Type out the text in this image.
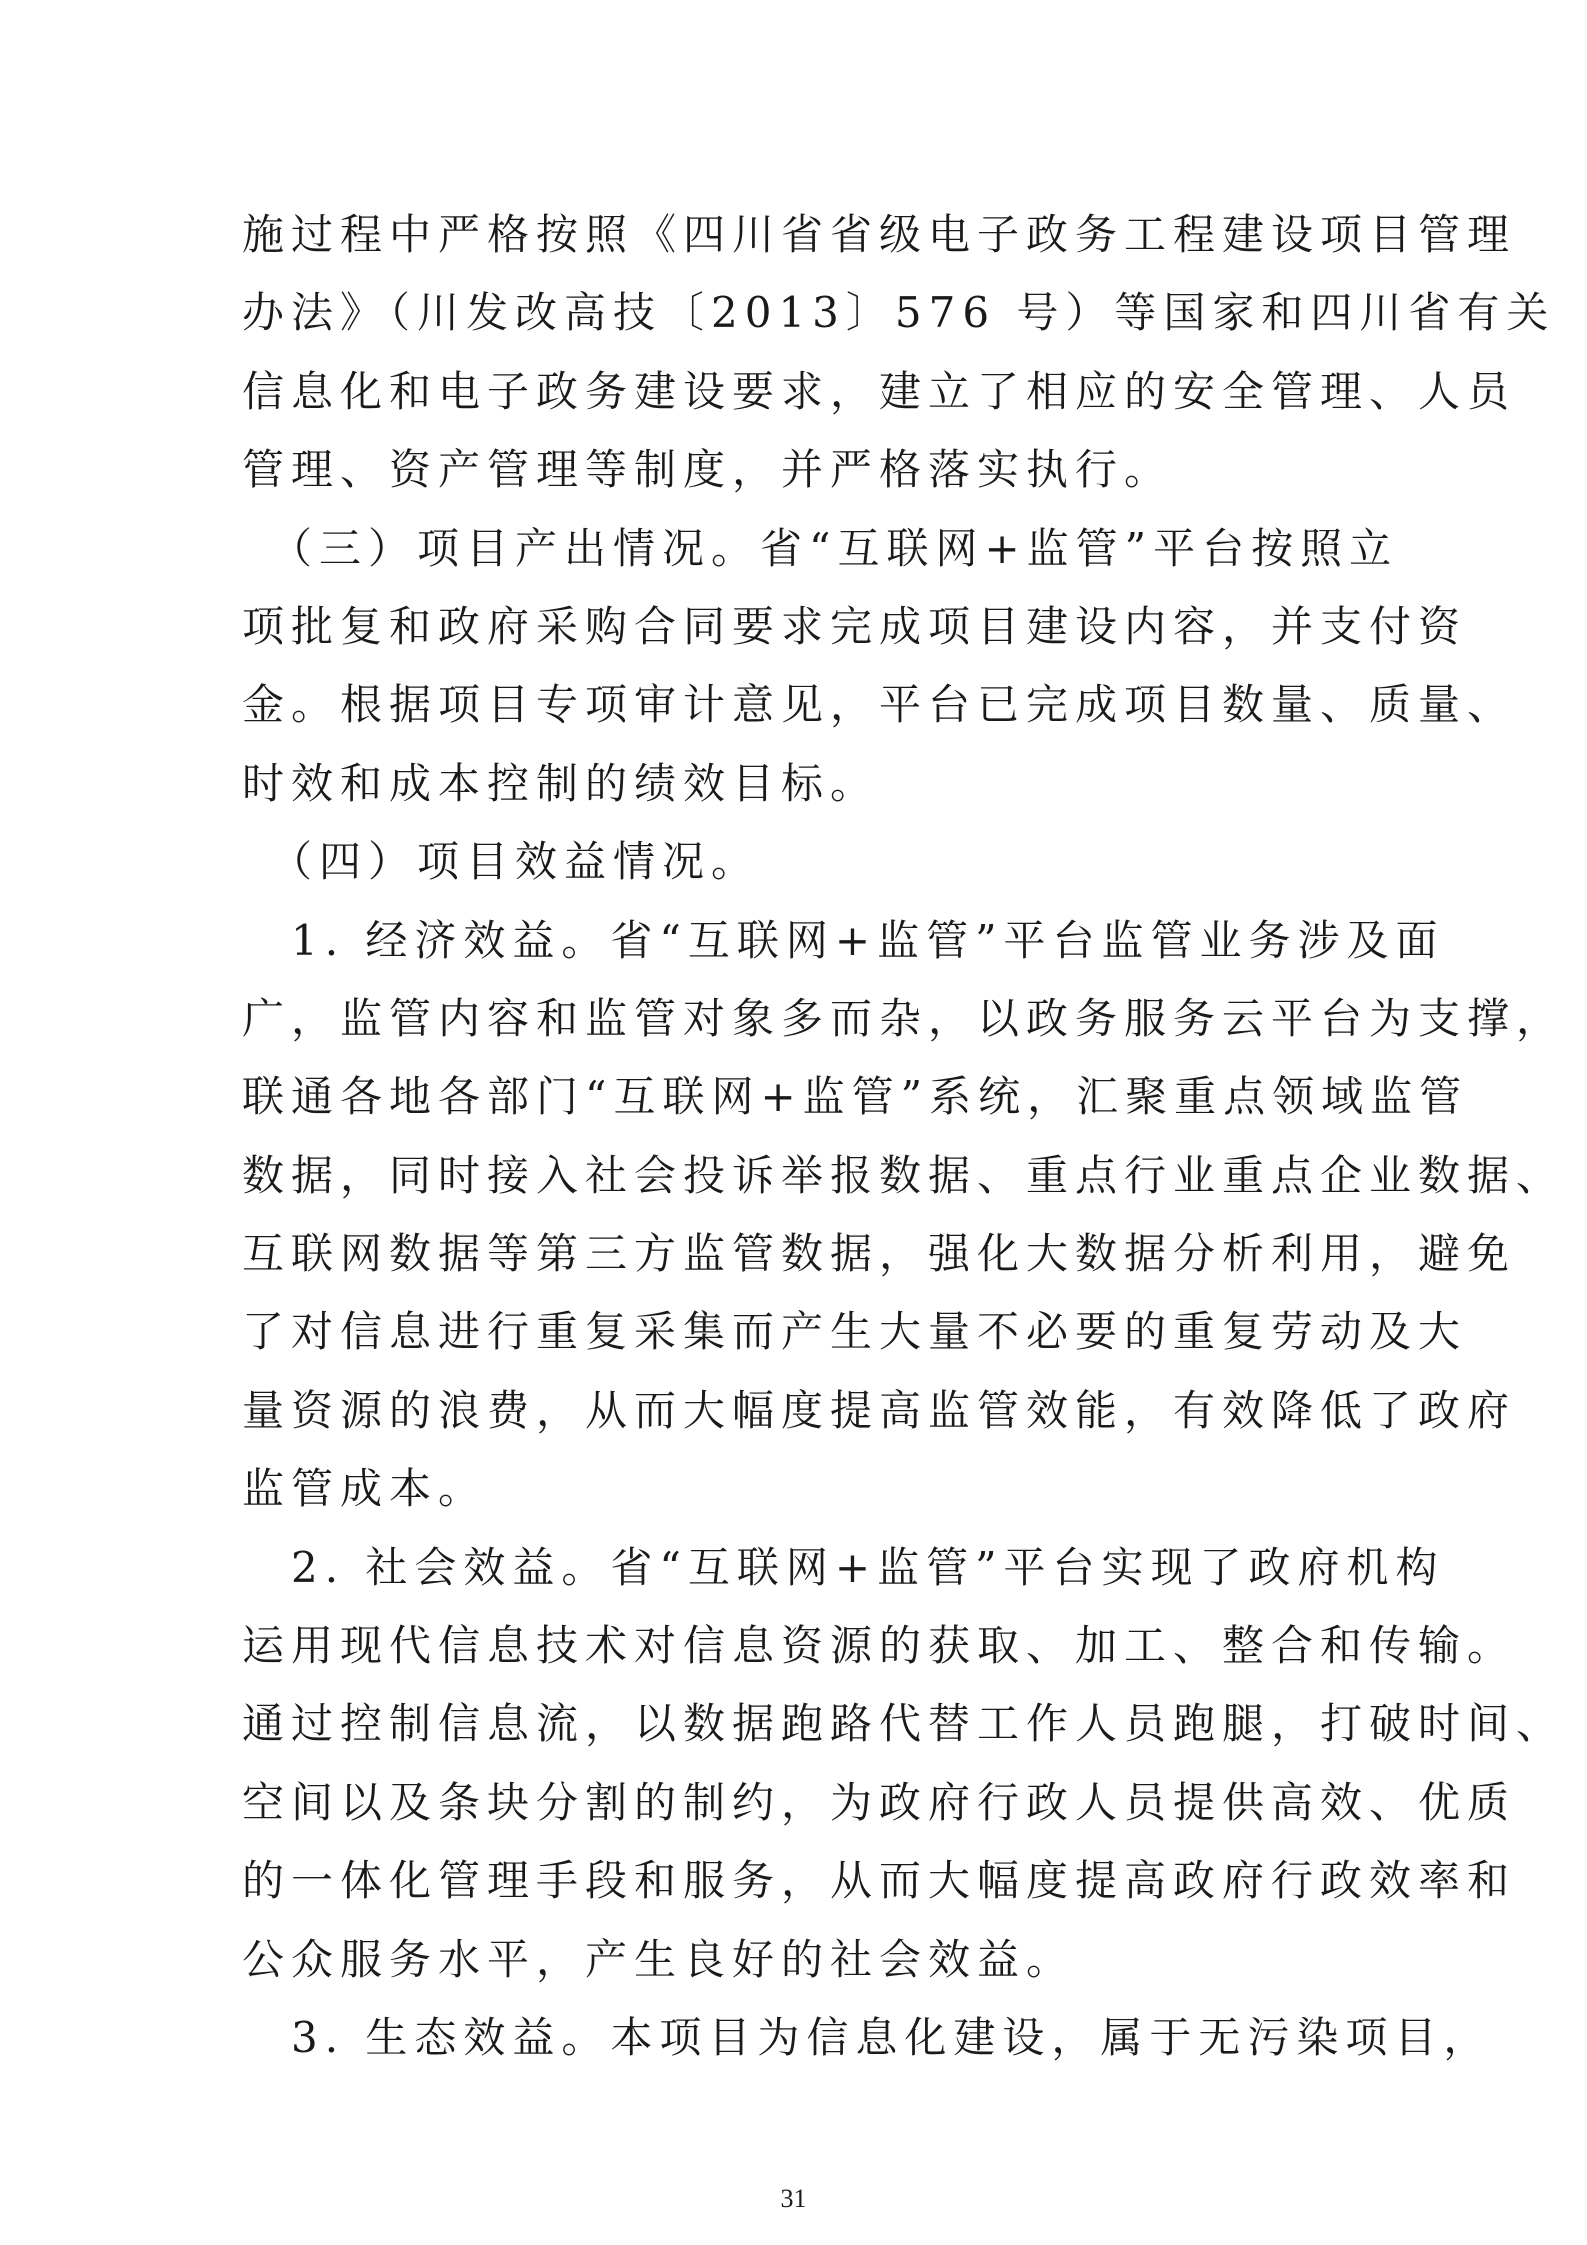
施过程中严格按照《四川省省级电子政务工程建设项目管理
办法》（川发改高技〔2013〕576 号）等国家和四川省有关
信息化和电子政务建设要求，建立了相应的安全管理、人员
管理、资产管理等制度，并严格落实执行。
　（三）项目产出情况。省“互联网+监管”平台按照立
项批复和政府采购合同要求完成项目建设内容，并支付资
金。根据项目专项审计意见，平台已完成项目数量、质量、
时效和成本控制的绩效目标。
　（四）项目效益情况。
　1. 经济效益。省“互联网+监管”平台监管业务涉及面
广，监管内容和监管对象多而杂，以政务服务云平台为支撑，
联通各地各部门“互联网+监管”系统，汇聚重点领域监管
数据，同时接入社会投诉举报数据、重点行业重点企业数据、
互联网数据等第三方监管数据，强化大数据分析利用，避免
了对信息进行重复采集而产生大量不必要的重复劳动及大
量资源的浪费，从而大幅度提高监管效能，有效降低了政府
监管成本。
　2. 社会效益。省“互联网+监管”平台实现了政府机构
运用现代信息技术对信息资源的获取、加工、整合和传输。
通过控制信息流，以数据跑路代替工作人员跑腿，打破时间、
空间以及条块分割的制约，为政府行政人员提供高效、优质
的一体化管理手段和服务，从而大幅度提高政府行政效率和
公众服务水平，产生良好的社会效益。
　3. 生态效益。本项目为信息化建设，属于无污染项目，
31
